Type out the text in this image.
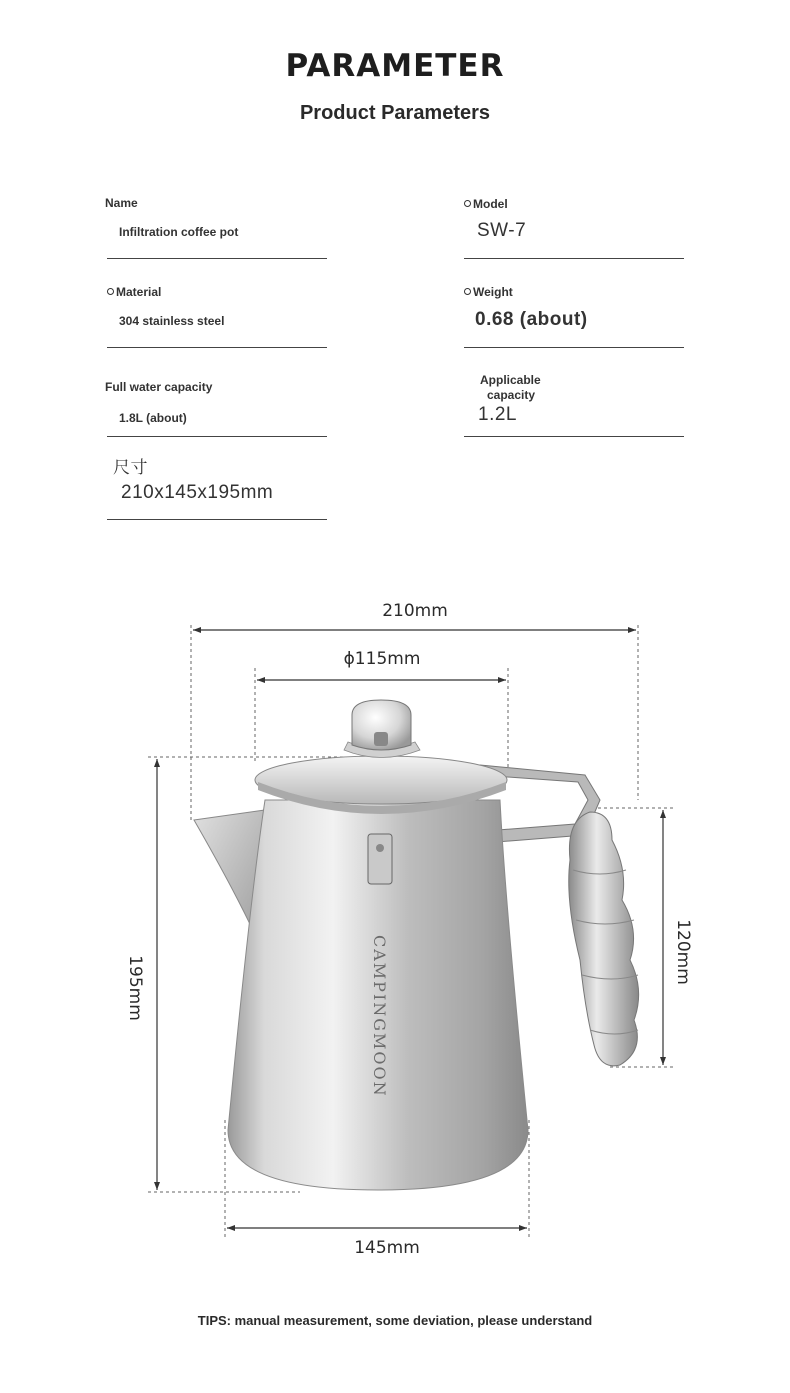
PARAMETER
Product Parameters
Name
Infiltration coffee pot
Model
SW-7
Material
304 stainless steel
Weight
0.68 (about)
Full water capacity
1.8L (about)
Applicable
capacity
1.2L
尺寸
210x145x195mm
210mm
ϕ115mm
195mm
120mm
145mm
CAMPINGMOON
TIPS: manual measurement, some deviation, please understand
